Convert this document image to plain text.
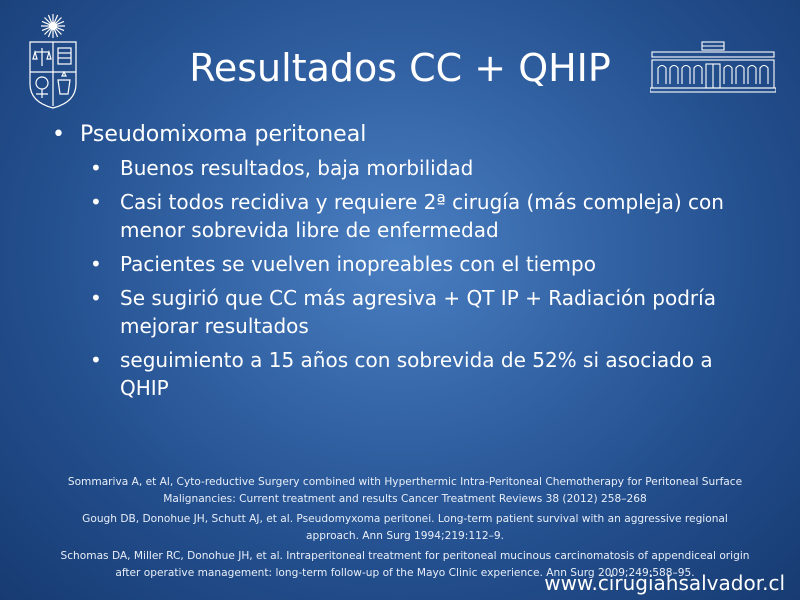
Resultados CC + QHIP
• Pseudomixoma peritoneal
• Buenos resultados, baja morbilidad
• Casi todos recidiva y requiere 2ª cirugía (más compleja) con menor sobrevida libre de enfermedad
• Pacientes se vuelven inopreables con el tiempo
• Se sugirió que CC más agresiva + QT IP + Radiación podría mejorar resultados
• seguimiento a 15 años con sobrevida de 52% si asociado a QHIP

Sommariva A, et Al, Cyto-reductive Surgery combined with Hyperthermic Intra-Peritoneal Chemotherapy for Peritoneal Surface Malignancies: Current treatment and results Cancer Treatment Reviews 38 (2012) 258–268

Gough DB, Donohue JH, Schutt AJ, et al. Pseudomyxoma peritonei. Long-term patient survival with an aggressive regional approach. Ann Surg 1994;219:112–9.

Schomas DA, Miller RC, Donohue JH, et al. Intraperitoneal treatment for peritoneal mucinous carcinomatosis of appendiceal origin after operative management: long-term follow-up of the Mayo Clinic experience. Ann Surg 2009;249:588–95.

www.cirugiahsalvador.cl
